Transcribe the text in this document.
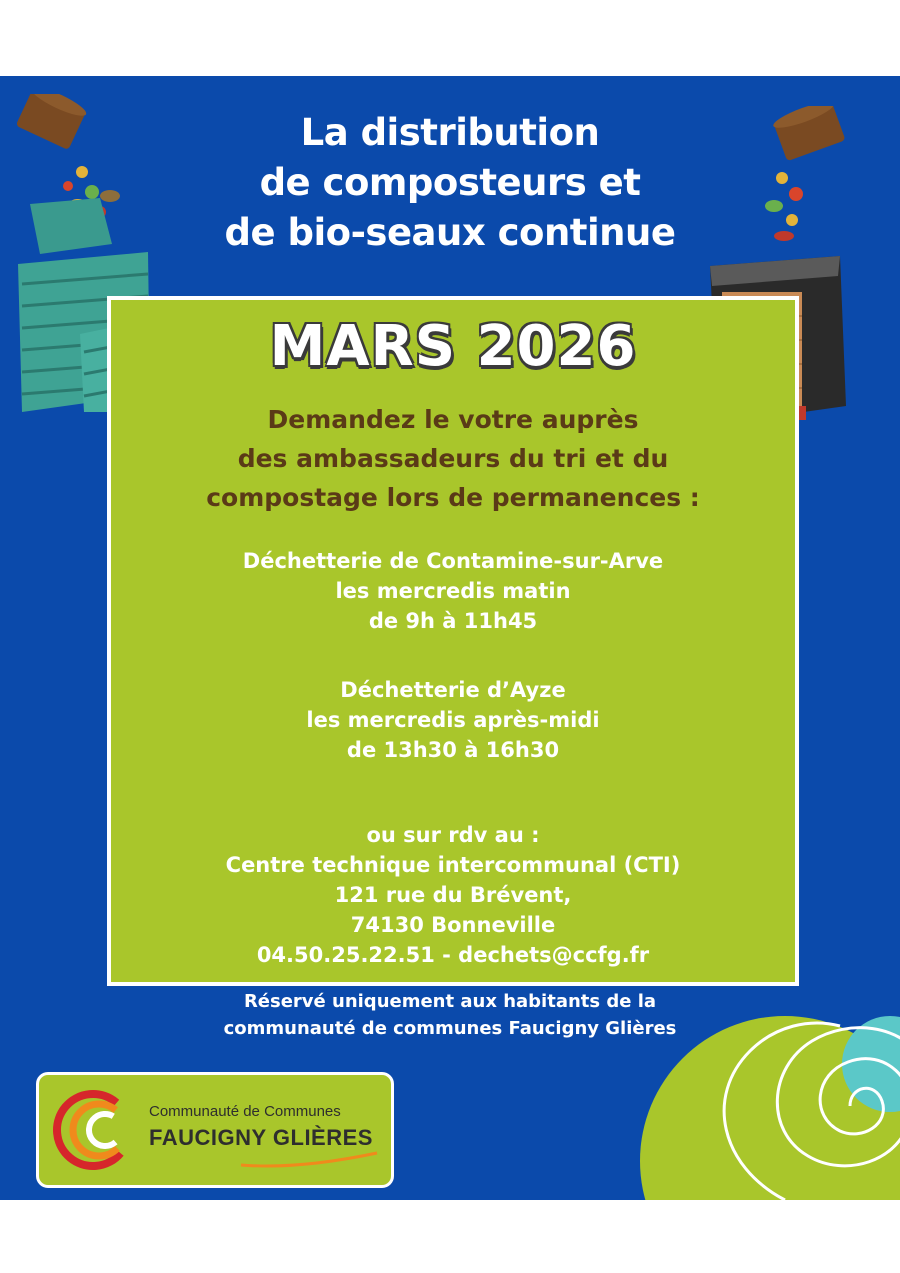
La distribution
de composteurs et
de bio-seaux continue
MARS 2026
Demandez le votre auprès
des ambassadeurs du tri et du
compostage lors de permanences :
Déchetterie de Contamine-sur-Arve
les mercredis matin
de 9h à 11h45
Déchetterie d’Ayze
les mercredis après-midi
de 13h30 à 16h30
ou sur rdv au :
Centre technique intercommunal (CTI)
121 rue du Brévent,
74130 Bonneville
04.50.25.22.51 - dechets@ccfg.fr
Réservé uniquement aux habitants de la
communauté de communes Faucigny Glières
Communauté de Communes
FAUCIGNY GLIÈRES
